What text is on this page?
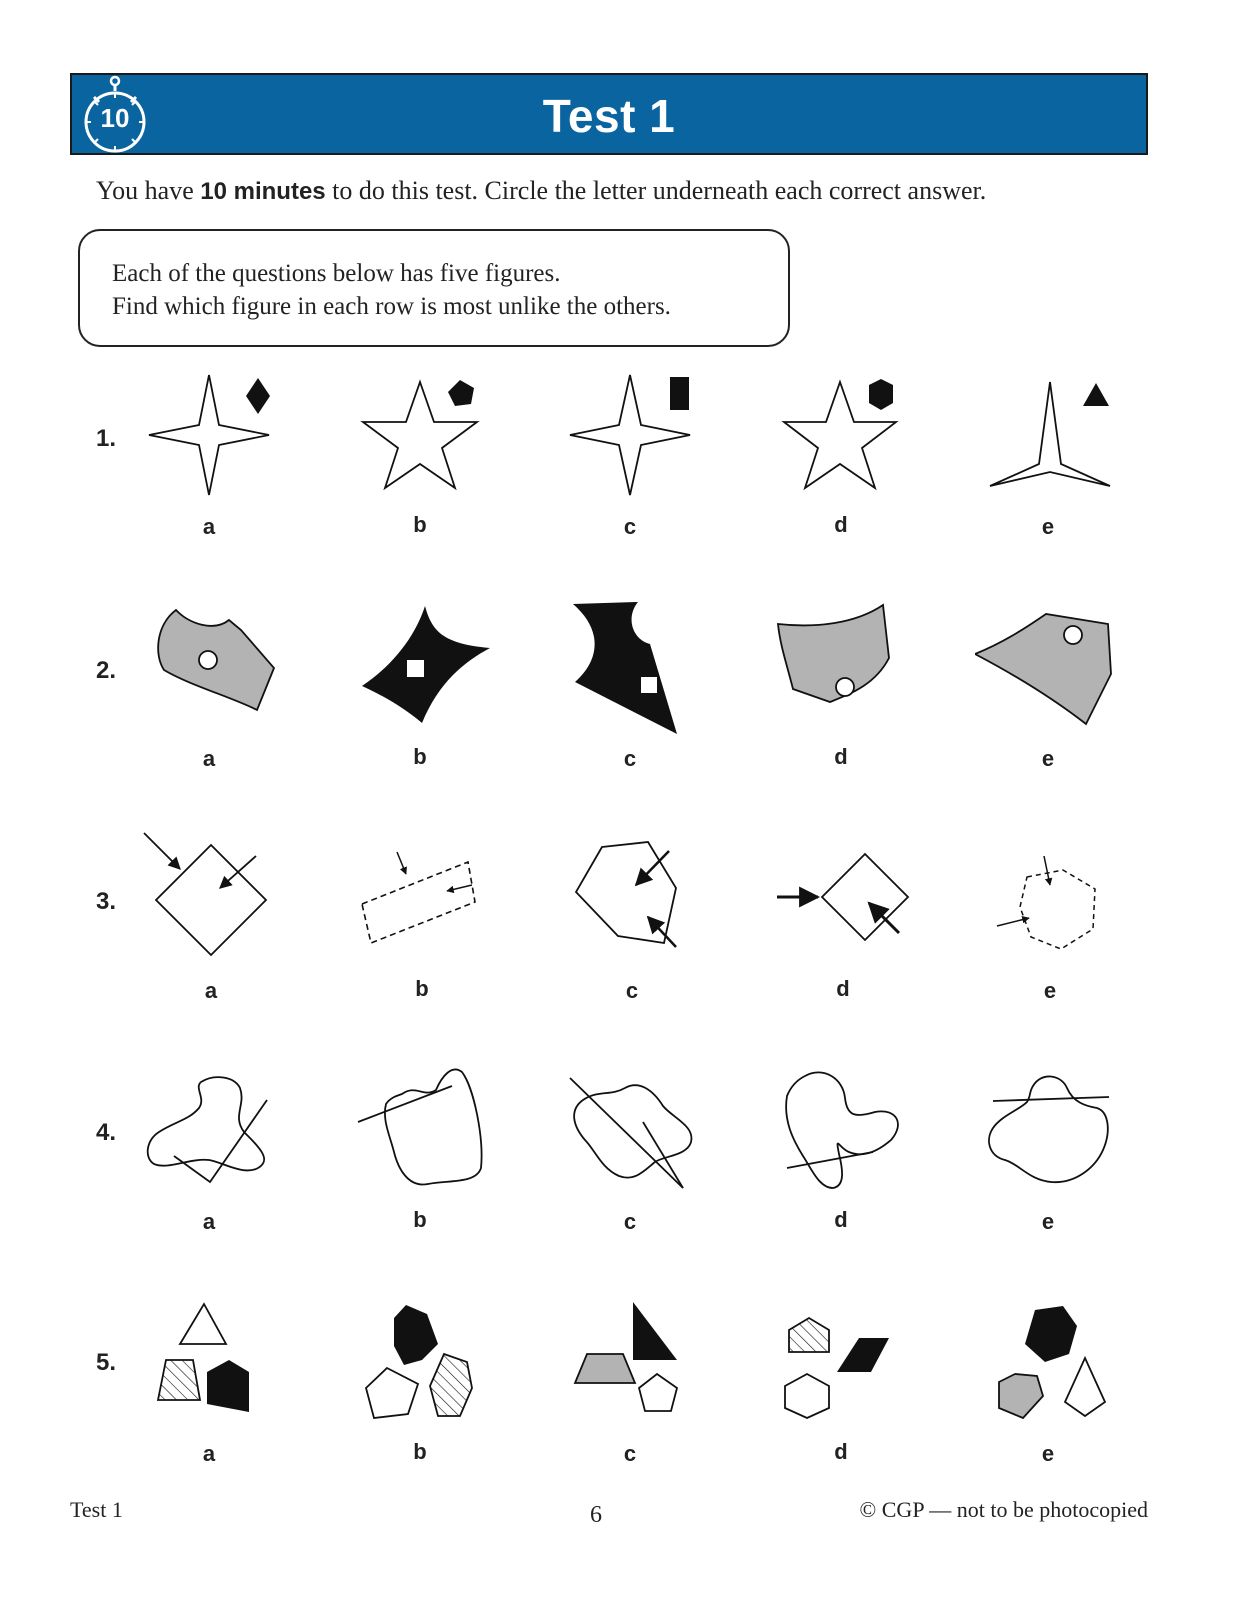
10	Test 1
You have 10 minutes to do this test. Circle the letter underneath each correct answer.
Each of the questions below has five figures.
Find which figure in each row is most unlike the others.
1.
2.
3.
4.
5.
a	b	c	d	e
a	b	c	d	e
a	b	c	d	e
a	b	c	d	e
a	b	c	d	e
Test 1	6	© CGP — not to be photocopied
